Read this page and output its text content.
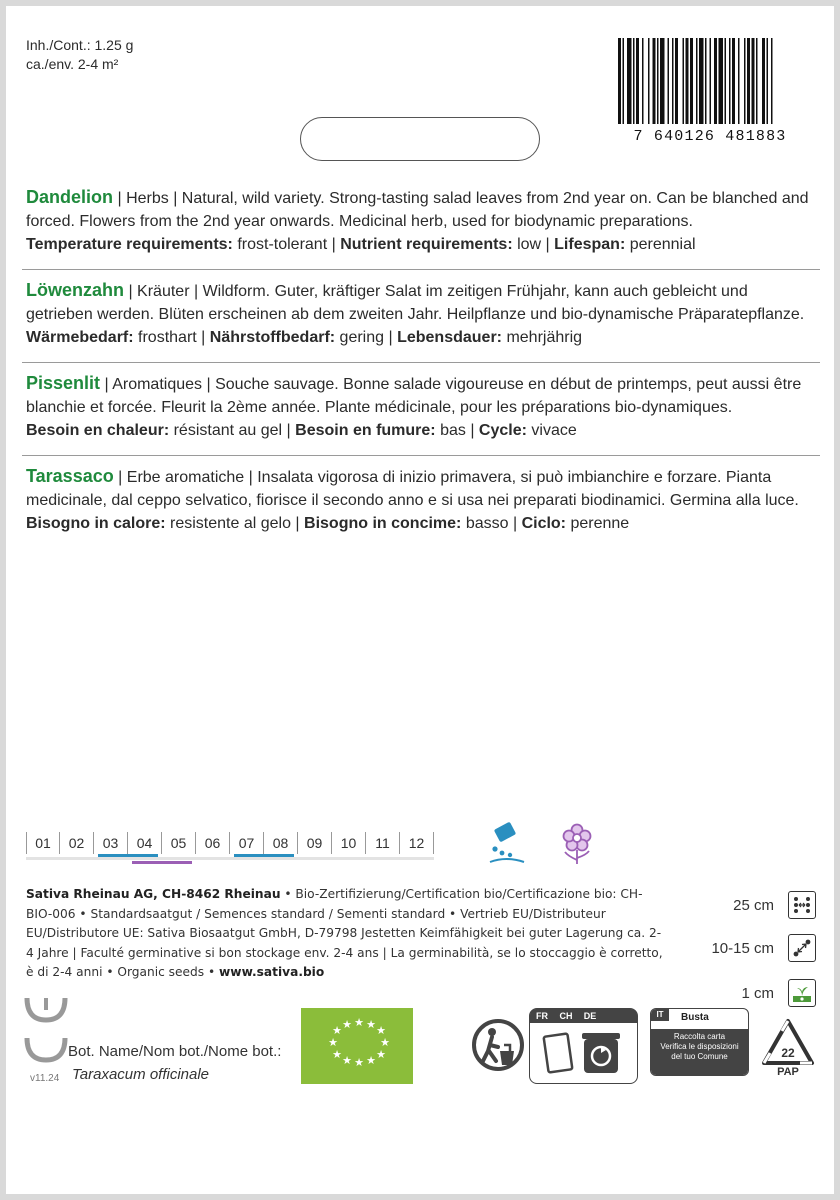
Inh./Cont.: 1.25 g
ca./env. 2-4 m²
7 640126 481883

Dandelion | Herbs | Natural, wild variety. Strong-tasting salad leaves from 2nd year on. Can be blanched and forced. Flowers from the 2nd year onwards. Medicinal herb, used for biodynamic preparations.

Temperature requirements: frost-tolerant | Nutrient requirements: low | Lifespan: perennial

Löwenzahn | Kräuter | Wildform. Guter, kräftiger Salat im zeitigen Frühjahr, kann auch gebleicht und getrieben werden. Blüten erscheinen ab dem zweiten Jahr. Heilpflanze und bio-dynamische Präparatepflanze.

Wärmebedarf: frosthart | Nährstoffbedarf: gering | Lebensdauer: mehrjährig

Pissenlit | Aromatiques | Souche sauvage. Bonne salade vigoureuse en début de printemps, peut aussi être blanchie et forcée. Fleurit la 2ème année. Plante médicinale, pour les préparations bio-dynamiques.

Besoin en chaleur: résistant au gel | Besoin en fumure: bas | Cycle: vivace

Tarassaco | Erbe aromatiche | Insalata vigorosa di inizio primavera, si può imbianchire e forzare. Pianta medicinale, dal ceppo selvatico, fiorisce il secondo anno e si usa nei preparati biodinamici. Germina alla luce.

Bisogno in calore: resistente al gelo | Bisogno in concime: basso | Ciclo: perenne

01	02	03	04	05	06	07	08	09	10	11	12
Sativa Rheinau AG, CH-8462 Rheinau • Bio-Zertifizierung/Certification bio/Certificazione bio: CH-BIO-006 • Standardsaatgut / Semences standard / Sementi standard • Vertrieb EU/Distributeur EU/Distributore UE: Sativa Biosaatgut GmbH, D-79798 Jestetten Keimfähigkeit bei guter Lagerung ca. 2-4 Jahre | Faculté germinative si bon stockage env. 2-4 ans | La germinabilità, se lo stoccaggio è corretto, è di 2-4 anni • Organic seeds • www.sativa.bio
25 cm
10-15 cm
1 cm
v11.24
Bot. Name/Nom bot./Nome bot.:
Taraxacum officinale
★ ★ ★ ★ ★
★
★
★
★
★
★
★
FR	CH	DE	IT	Busta
Raccolta carta
Verifica le disposizioni
del tuo Comune	22
PAP
